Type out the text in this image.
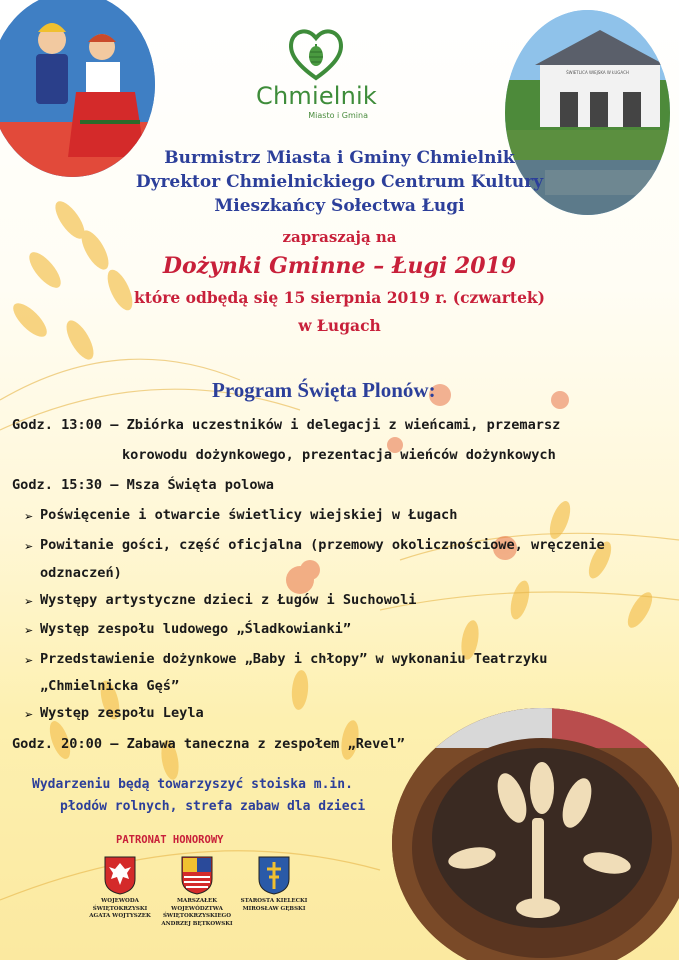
ŚWIETLICA WIEJSKA W ŁUGACH
Chmielnik
Miasto i Gmina
Burmistrz Miasta i Gminy Chmielnik
Dyrektor Chmielnickiego Centrum Kultury
Mieszkańcy Sołectwa Ługi
zapraszają na
Dożynki Gminne – Ługi 2019
które odbędą się 15 sierpnia 2019 r. (czwartek)
w Ługach
Program Święta Plonów:
Godz. 13:00 – Zbiórka uczestników i delegacji z wieńcami, przemarsz
korowodu dożynkowego, prezentacja wieńców dożynkowych
Godz. 15:30 – Msza Święta polowa
➢ Poświęcenie i otwarcie świetlicy wiejskiej w Ługach
➢ Powitanie gości, część oficjalna (przemowy okolicznościowe, wręczenie
odznaczeń)
➢ Występy artystyczne dzieci z Ługów i Suchowoli
➢ Występ zespołu ludowego „Śladkowianki”
➢ Przedstawienie dożynkowe „Baby i chłopy” w wykonaniu Teatrzyku
„Chmielnicka Gęś”
➢ Występ zespołu Leyla
Godz. 20:00 – Zabawa taneczna z zespołem „Revel”
Wydarzeniu będą towarzyszyć stoiska m.in.
płodów rolnych, strefa zabaw dla dzieci
PATRONAT HONOROWY
WOJEWODA
ŚWIĘTOKRZYSKI
AGATA WOJTYSZEK
MARSZAŁEK
WOJEWÓDZTWA
ŚWIĘTOKRZYSKIEGO
ANDRZEJ BĘTKOWSKI
STAROSTA KIELECKI
MIROSŁAW GĘBSKI
